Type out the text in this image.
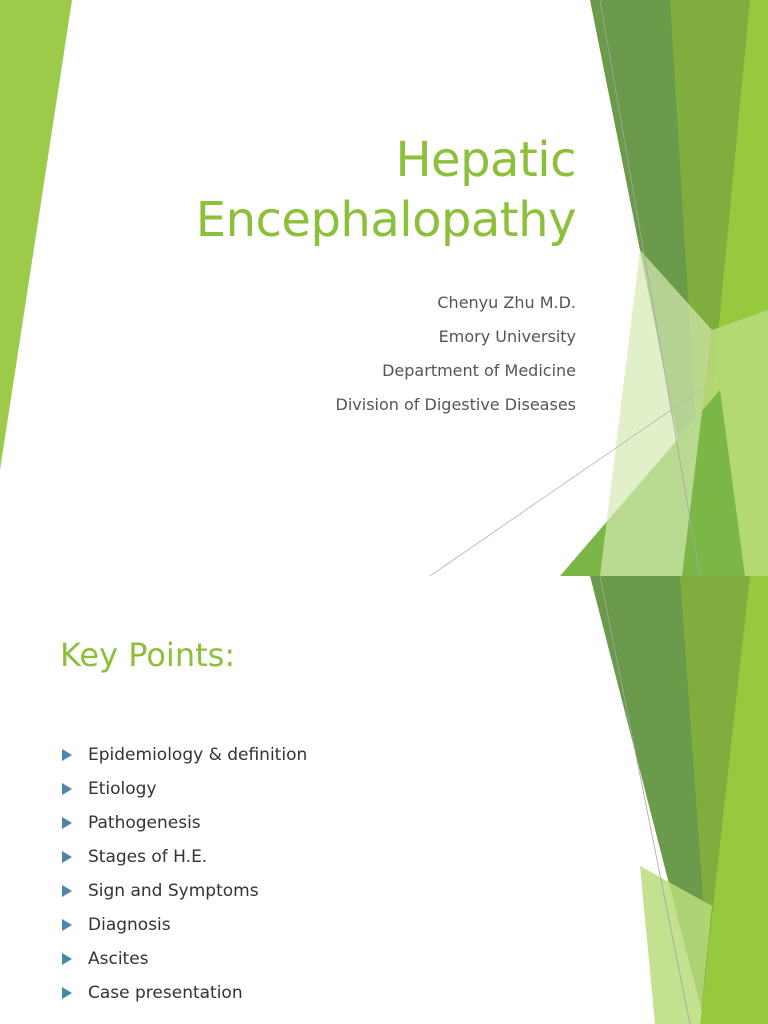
Hepatic
Encephalopathy
Chenyu Zhu M.D.
Emory University
Department of Medicine
Division of Digestive Diseases
Key Points:
Epidemiology & definition
Etiology
Pathogenesis
Stages of H.E.
Sign and Symptoms
Diagnosis
Ascites
Case presentation
